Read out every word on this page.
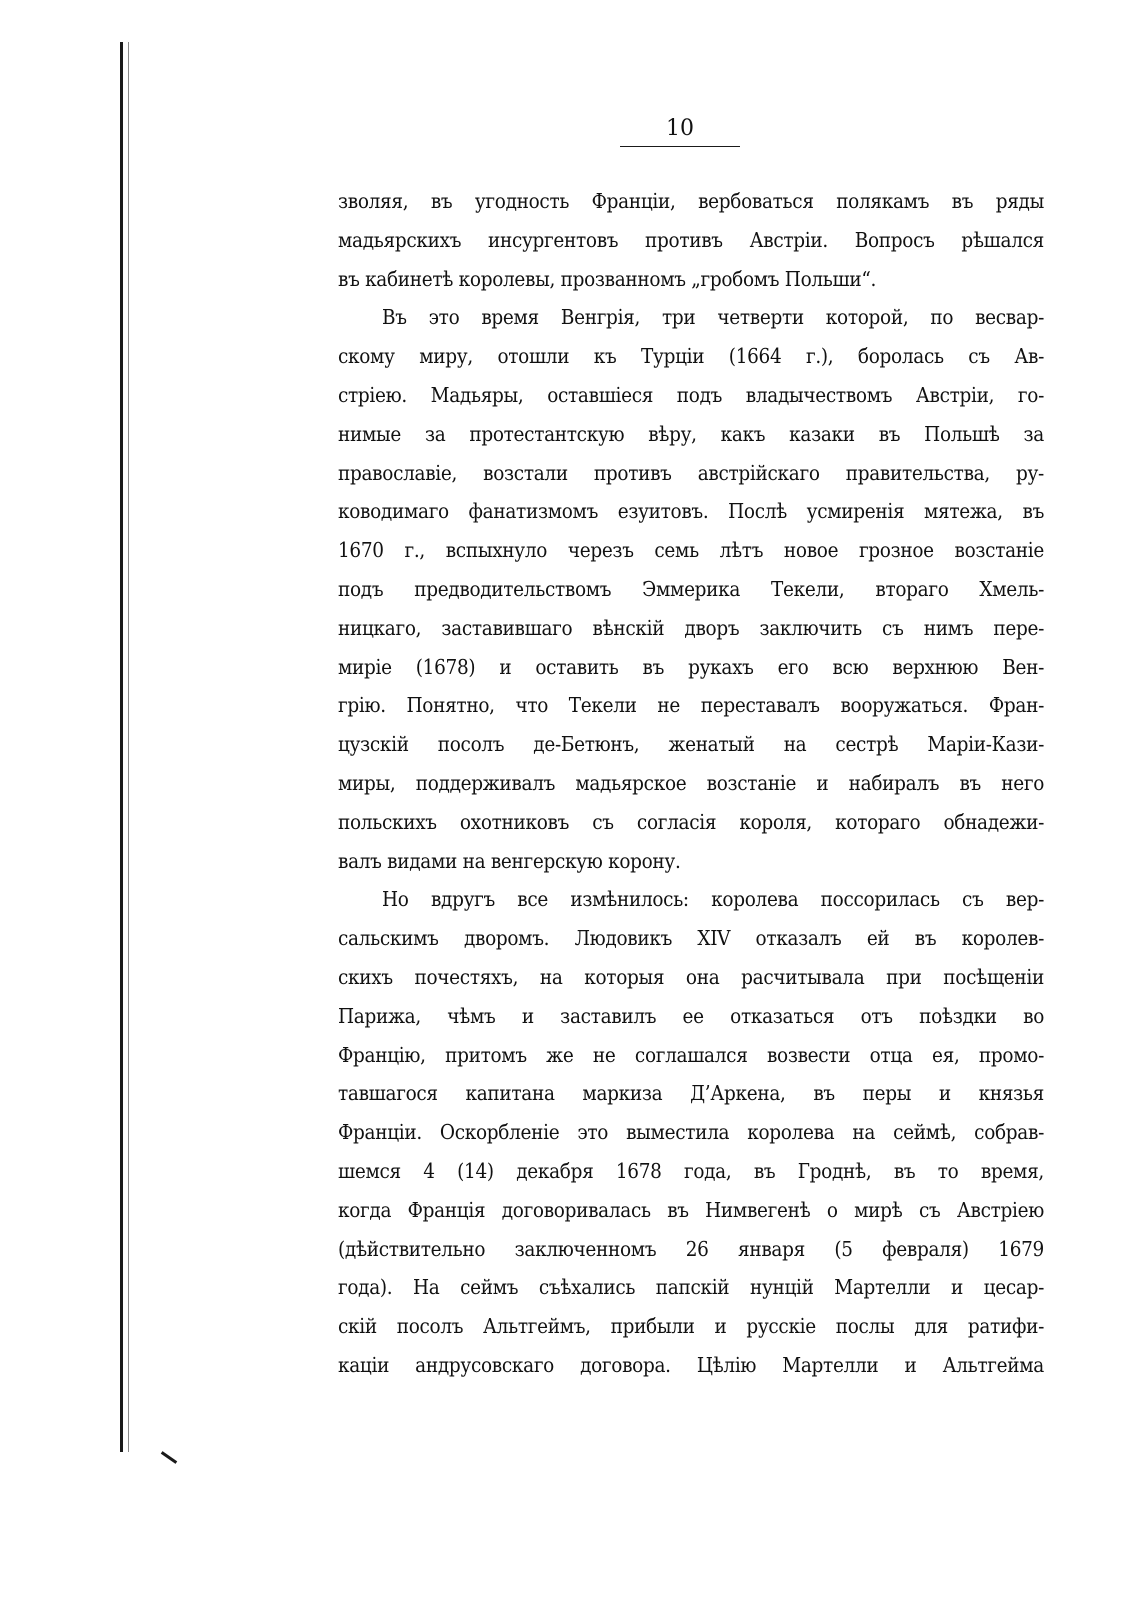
10
зволяя, въ угодность Франціи, вербоваться полякамъ въ ряды
мадьярскихъ инсургентовъ противъ Австріи. Вопросъ рѣшался
въ кабинетѣ королевы, прозванномъ „гробомъ Польши“.
Въ это время Венгрія, три четверти которой, по весвар-
скому миру, отошли къ Турціи (1664 г.), боролась съ Ав-
стріею. Мадьяры, оставшіеся подъ владычествомъ Австріи, го-
нимые за протестантскую вѣру, какъ казаки въ Польшѣ за
православіе, возстали противъ австрійскаго правительства, ру-
ководимаго фанатизмомъ езуитовъ. Послѣ усмиренія мятежа, въ
1670 г., вспыхнуло черезъ семь лѣтъ новое грозное возстаніе
подъ предводительствомъ Эммерика Текели, втораго Хмель-
ницкаго, заставившаго вѣнскій дворъ заключить съ нимъ пере-
миріе (1678) и оставить въ рукахъ его всю верхнюю Вен-
грію. Понятно, что Текели не переставалъ вооружаться. Фран-
цузскій посолъ де-Бетюнъ, женатый на сестрѣ Маріи-Кази-
миры, поддерживалъ мадьярское возстаніе и набиралъ въ него
польскихъ охотниковъ съ согласія короля, котораго обнадежи-
валъ видами на венгерскую корону.
Но вдругъ все измѣнилось: королева поссорилась съ вер-
сальскимъ дворомъ. Людовикъ XIV отказалъ ей въ королев-
скихъ почестяхъ, на которыя она расчитывала при посѣщеніи
Парижа, чѣмъ и заставилъ ее отказаться отъ поѣздки во
Францію, притомъ же не соглашался возвести отца ея, промо-
тавшагося капитана маркиза Д’Аркена, въ перы и князья
Франціи. Оскорбленіе это выместила королева на сеймѣ, собрав-
шемся 4 (14) декабря 1678 года, въ Гроднѣ, въ то время,
когда Франція договоривалась въ Нимвегенѣ о мирѣ съ Австріею
(дѣйствительно заключенномъ 26 января (5 февраля) 1679
года). На сеймъ съѣхались папскій нунцій Мартелли и цесар-
скій посолъ Альтгеймъ, прибыли и русскіе послы для ратифи-
каціи андрусовскаго договора. Цѣлію Мартелли и Альтгейма
